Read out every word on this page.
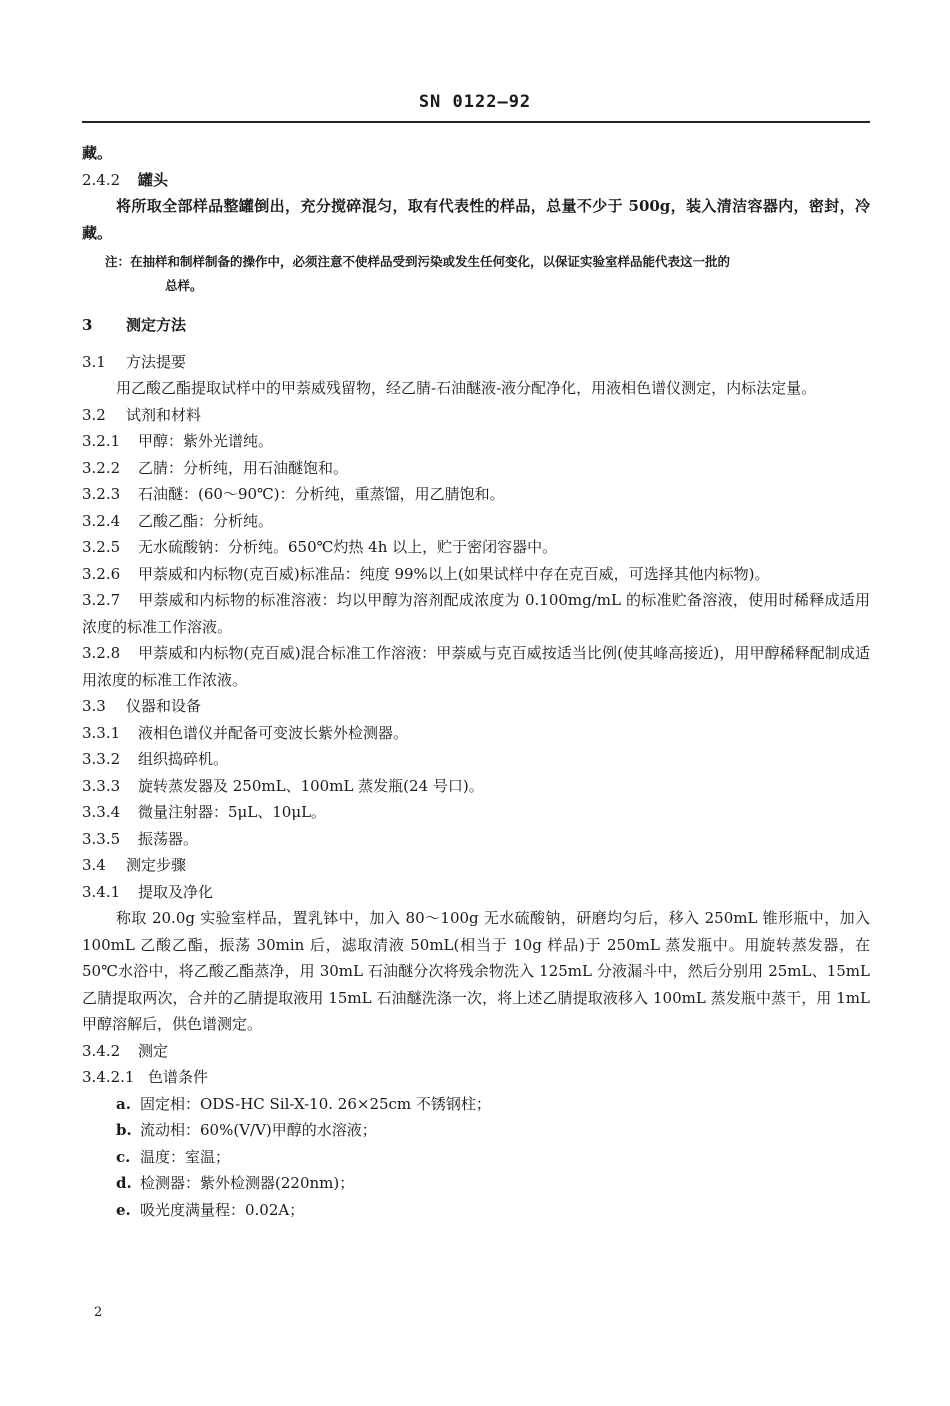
SN 0122—92
藏。
2.4.2 罐头
将所取全部样品整罐倒出，充分搅碎混匀，取有代表性的样品，总量不少于 500g，装入清洁容器内，密封，冷藏。
注：在抽样和制样制备的操作中，必须注意不使样品受到污染或发生任何变化，以保证实验室样品能代表这一批的
总样。
3 测定方法
3.1 方法提要
用乙酸乙酯提取试样中的甲萘威残留物，经乙腈-石油醚液-液分配净化，用液相色谱仪测定，内标法定量。
3.2 试剂和材料
3.2.1 甲醇：紫外光谱纯。
3.2.2 乙腈：分析纯，用石油醚饱和。
3.2.3 石油醚：(60～90℃)：分析纯，重蒸馏，用乙腈饱和。
3.2.4 乙酸乙酯：分析纯。
3.2.5 无水硫酸钠：分析纯。650℃灼热 4h 以上，贮于密闭容器中。
3.2.6 甲萘威和内标物(克百威)标准品：纯度 99%以上(如果试样中存在克百威，可选择其他内标物)。
3.2.7 甲萘威和内标物的标准溶液：均以甲醇为溶剂配成浓度为 0.100mg/mL 的标准贮备溶液，使用时稀释成适用浓度的标准工作溶液。
3.2.8 甲萘威和内标物(克百威)混合标准工作溶液：甲萘威与克百威按适当比例(使其峰高接近)，用甲醇稀释配制成适用浓度的标准工作浓液。
3.3 仪器和设备
3.3.1 液相色谱仪并配备可变波长紫外检测器。
3.3.2 组织捣碎机。
3.3.3 旋转蒸发器及 250mL、100mL 蒸发瓶(24 号口)。
3.3.4 微量注射器：5μL、10μL。
3.3.5 振荡器。
3.4 测定步骤
3.4.1 提取及净化
称取 20.0g 实验室样品，置乳钵中，加入 80～100g 无水硫酸钠，研磨均匀后，移入 250mL 锥形瓶中，加入 100mL 乙酸乙酯，振荡 30min 后，滤取清液 50mL(相当于 10g 样品)于 250mL 蒸发瓶中。用旋转蒸发器，在 50℃水浴中，将乙酸乙酯蒸净，用 30mL 石油醚分次将残余物洗入 125mL 分液漏斗中，然后分别用 25mL、15mL 乙腈提取两次，合并的乙腈提取液用 15mL 石油醚洗涤一次，将上述乙腈提取液移入 100mL 蒸发瓶中蒸干，用 1mL 甲醇溶解后，供色谱测定。
3.4.2 测定
3.4.2.1 色谱条件
a. 固定相：ODS-HC Sil-X-10. 26×25cm 不锈钢柱；
b. 流动相：60%(V/V)甲醇的水溶液；
c. 温度：室温；
d. 检测器：紫外检测器(220nm)；
e. 吸光度满量程：0.02A；
2
